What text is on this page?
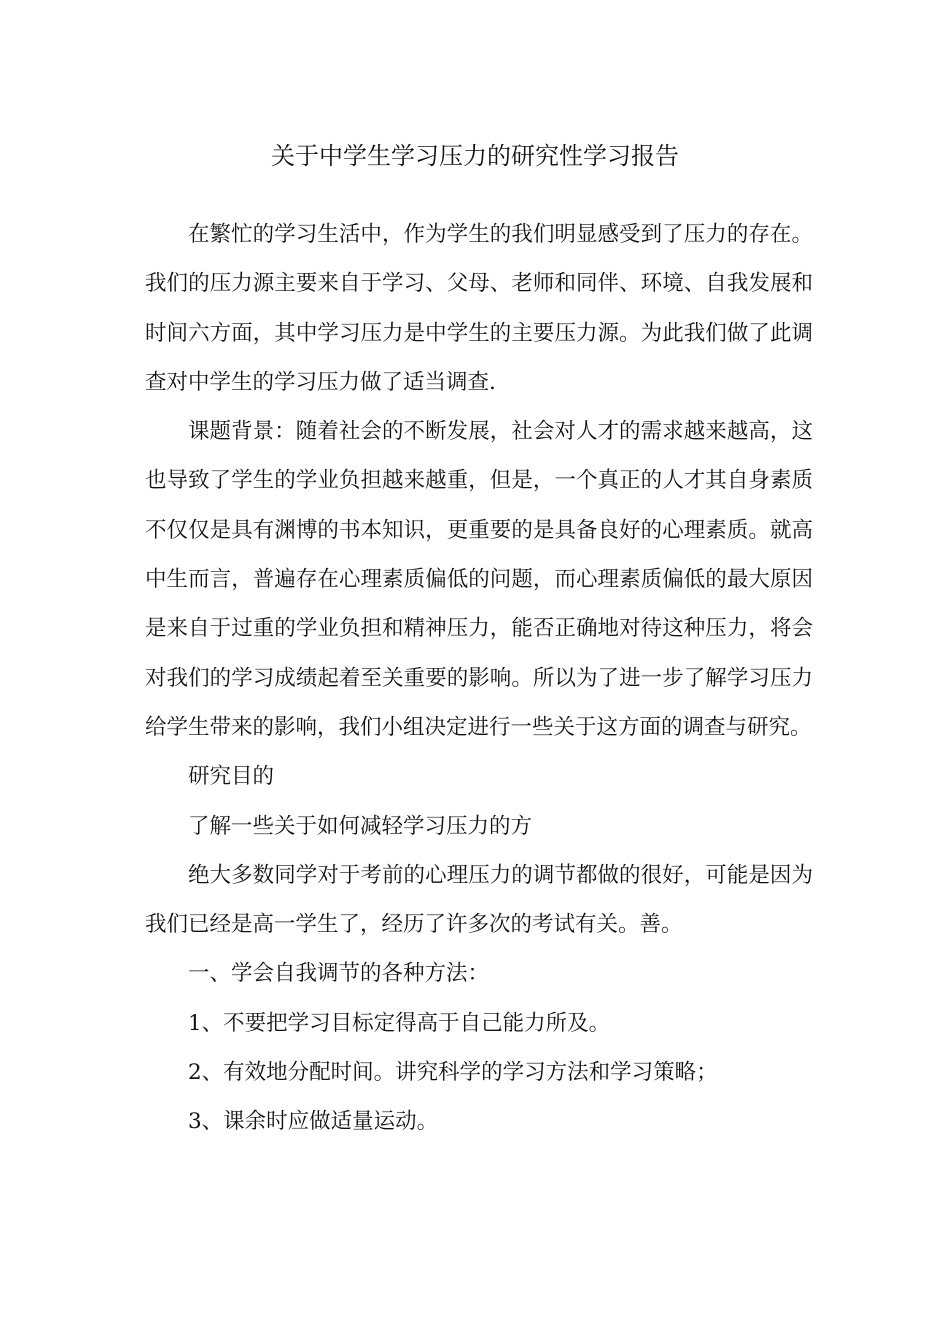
关于中学生学习压力的研究性学习报告

在繁忙的学习生活中，作为学生的我们明显感受到了压力的存在。我们的压力源主要来自于学习、父母、老师和同伴、环境、自我发展和时间六方面，其中学习压力是中学生的主要压力源。为此我们做了此调查对中学生的学习压力做了适当调查.

课题背景：随着社会的不断发展，社会对人才的需求越来越高，这也导致了学生的学业负担越来越重，但是，一个真正的人才其自身素质不仅仅是具有渊博的书本知识，更重要的是具备良好的心理素质。就高中生而言，普遍存在心理素质偏低的问题，而心理素质偏低的最大原因是来自于过重的学业负担和精神压力，能否正确地对待这种压力，将会对我们的学习成绩起着至关重要的影响。所以为了进一步了解学习压力给学生带来的影响，我们小组决定进行一些关于这方面的调查与研究。

研究目的

了解一些关于如何减轻学习压力的方

绝大多数同学对于考前的心理压力的调节都做的很好，可能是因为我们已经是高一学生了，经历了许多次的考试有关。善。

一、学会自我调节的各种方法：

1、不要把学习目标定得高于自己能力所及。

2、有效地分配时间。讲究科学的学习方法和学习策略；

3、课余时应做适量运动。
